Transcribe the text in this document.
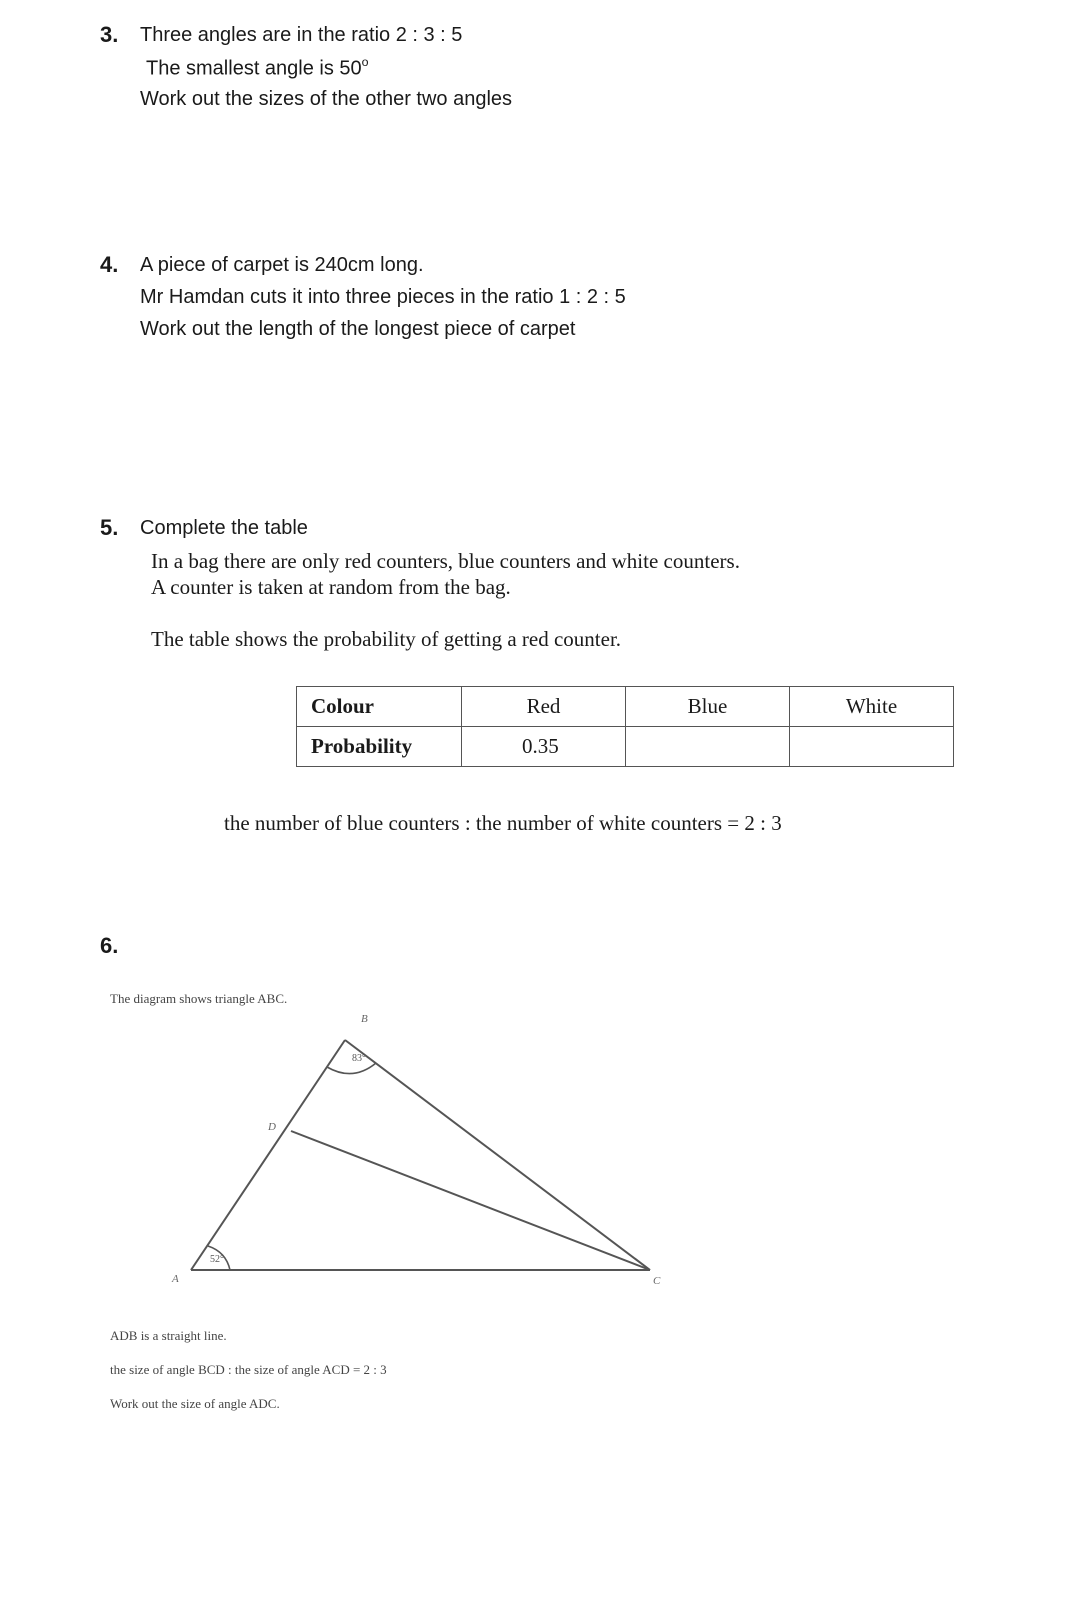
3. Three angles are in the ratio 2 : 3 : 5
The smallest angle is 50$^o$
Work out the sizes of the other two angles
4. A piece of carpet is 240cm long.
Mr Hamdan cuts it into three pieces in the ratio 1 : 2 : 5
Work out the length of the longest piece of carpet
5. Complete the table
In a bag there are only red counters, blue counters and white counters.
A counter is taken at random from the bag.
The table shows the probability of getting a red counter.
Colour	Red	Blue	White
Probability	0.35		
the number of blue counters : the number of white counters = 2 : 3
6.
The diagram shows triangle ABC.
B
D
A	C
83°
52°
ADB is a straight line.
the size of angle BCD : the size of angle ACD = 2 : 3
Work out the size of angle ADC.
